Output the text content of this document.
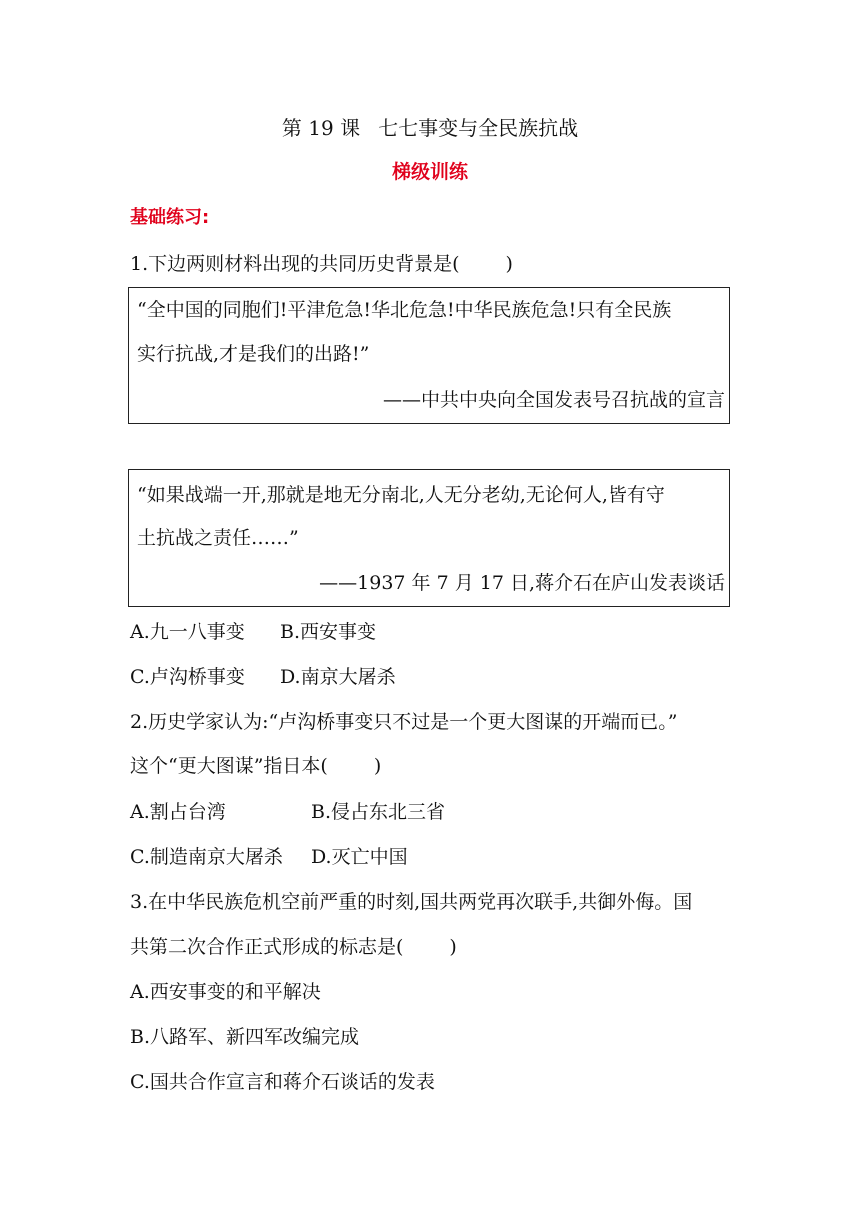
第 19 课 七七事变与全民族抗战
梯级训练
基础练习:
1.下边两则材料出现的共同历史背景是( )
“全中国的同胞们!平津危急!华北危急!中华民族危急!只有全民族
实行抗战,才是我们的出路!”
——中共中央向全国发表号召抗战的宣言
“如果战端一开,那就是地无分南北,人无分老幼,无论何人,皆有守
土抗战之责任……”
——1937 年 7 月 17 日,蒋介石在庐山发表谈话
A.九一八事变 B.西安事变
C.卢沟桥事变 D.南京大屠杀
2.历史学家认为:“卢沟桥事变只不过是一个更大图谋的开端而已。”
这个“更大图谋”指日本( )
A.割占台湾	B.侵占东北三省
C.制造南京大屠杀 D.灭亡中国
3.在中华民族危机空前严重的时刻,国共两党再次联手,共御外侮。国
共第二次合作正式形成的标志是( )
A.西安事变的和平解决
B.八路军、新四军改编完成
C.国共合作宣言和蒋介石谈话的发表
